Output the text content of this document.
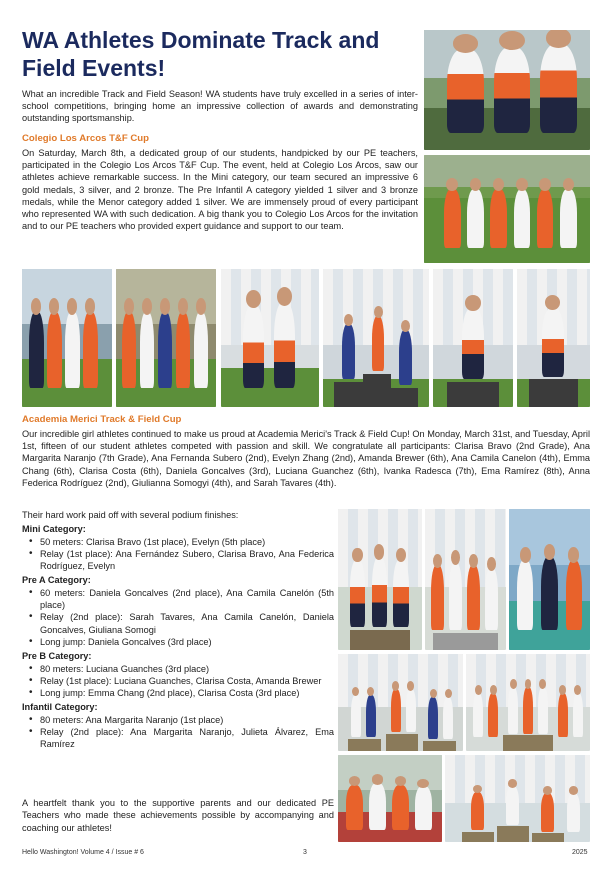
WA Athletes Dominate Track and Field Events!

What an incredible Track and Field Season! WA students have truly excelled in a series of inter-school competitions, bringing home an impressive collection of awards and demonstrating outstanding sportsmanship.

Colegio Los Arcos T&F Cup

On Saturday, March 8th, a dedicated group of our students, handpicked by our PE teachers, participated in the Colegio Los Arcos T&F Cup. The event, held at Colegio Los Arcos, saw our athletes achieve remarkable success. In the Mini category, our team secured an impressive 6 gold medals, 3 silver, and 2 bronze. The Pre Infantil A category yielded 1 silver and 3 bronze medals, while the Menor category added 1 silver. We are immensely proud of every participant who represented WA with such dedication. A big thank you to Colegio Los Arcos for the invitation and to our PE teachers who provided expert guidance and support to our team.

Academia Merici Track & Field Cup

Our incredible girl athletes continued to make us proud at Academia Merici's Track & Field Cup! On Monday, March 31st, and Tuesday, April 1st, fifteen of our student athletes competed with passion and skill. We congratulate all participants: Clarisa Bravo (2nd Grade), Ana Margarita Naranjo (7th Grade), Ana Fernanda Subero (2nd), Evelyn Zhang (2nd), Amanda Brewer (6th), Ana Camila Canelon (4th), Emma Chang (6th), Clarisa Costa (6th), Daniela Goncalves (3rd), Luciana Guanchez (6th), Ivanka Radesca (7th), Ema Ramírez (8th), Anna Federica Rodríguez (2nd), Giulianna Somogyi (4th), and Sarah Tavares (4th).

Their hard work paid off with several podium finishes:
Mini Category:
• 50 meters: Clarisa Bravo (1st place), Evelyn (5th place)
• Relay (1st place): Ana Fernández Subero, Clarisa Bravo, Ana Federica Rodríguez, Evelyn
Pre A Category:
• 60 meters: Daniela Goncalves (2nd place), Ana Camila Canelón (5th place)
• Relay (2nd place): Sarah Tavares, Ana Camila Canelón, Daniela Goncalves, Giuliana Somogi
• Long jump: Daniela Goncalves (3rd place)
Pre B Category:
• 80 meters: Luciana Guanches (3rd place)
• Relay (1st place): Luciana Guanches, Clarisa Costa, Amanda Brewer
• Long jump: Emma Chang (2nd place), Clarisa Costa (3rd place)
Infantil Category:
• 80 meters: Ana Margarita Naranjo (1st place)
• Relay (2nd place): Ana Margarita Naranjo, Julieta Álvarez, Ema Ramírez

A heartfelt thank you to the supportive parents and our dedicated PE Teachers who made these achievements possible by accompanying and coaching our athletes!

Hello Washington! Volume 4 / Issue # 6	3	2025
